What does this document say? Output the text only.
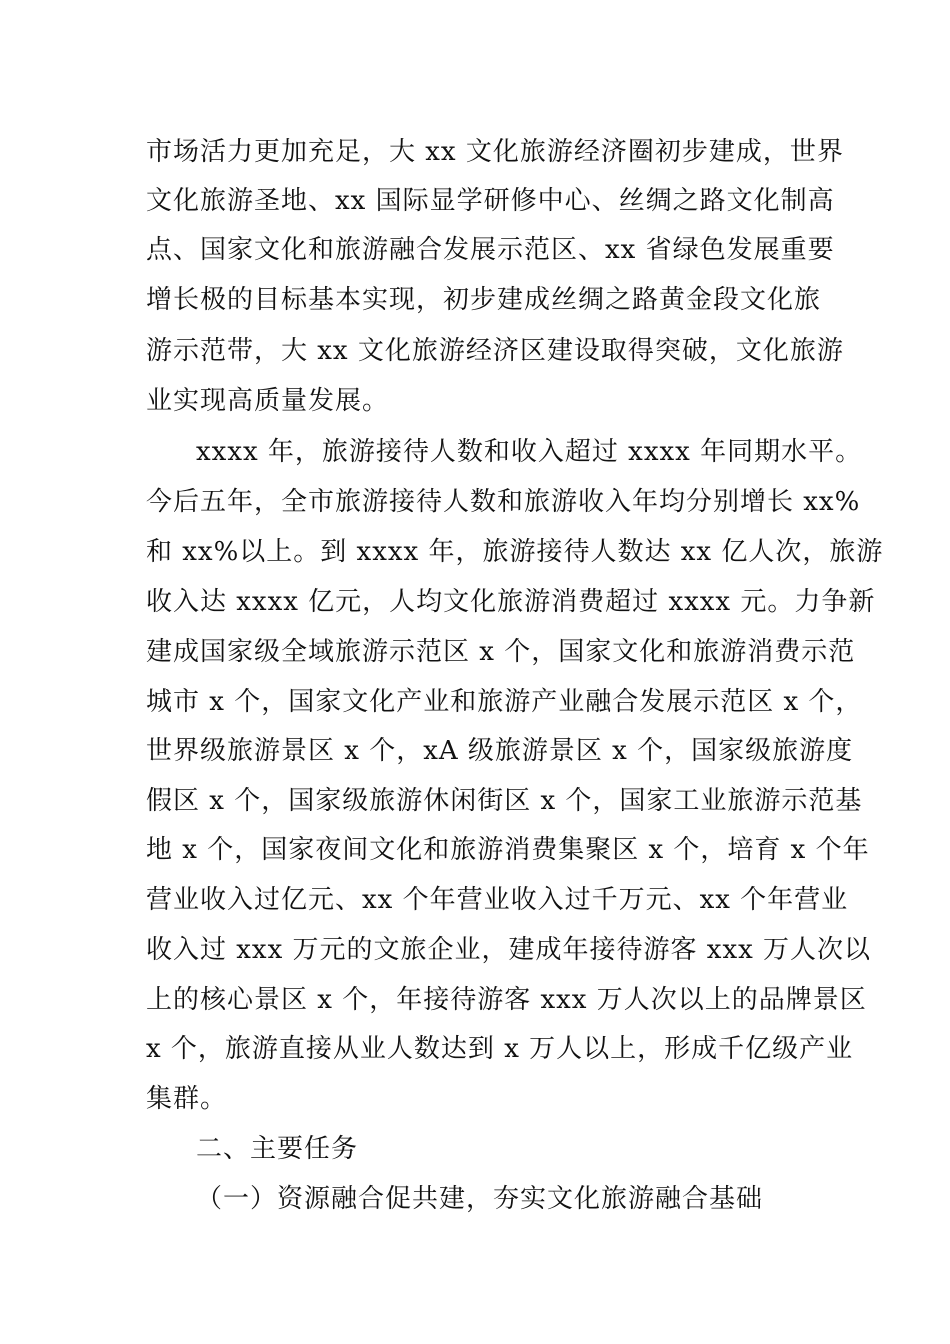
市场活力更加充足，大 xx 文化旅游经济圈初步建成，世界
文化旅游圣地、xx 国际显学研修中心、丝绸之路文化制高
点、国家文化和旅游融合发展示范区、xx 省绿色发展重要
增长极的目标基本实现，初步建成丝绸之路黄金段文化旅
游示范带，大 xx 文化旅游经济区建设取得突破，文化旅游
业实现高质量发展。
xxxx 年，旅游接待人数和收入超过 xxxx 年同期水平。
今后五年，全市旅游接待人数和旅游收入年均分别增长 xx%
和 xx%以上。到 xxxx 年，旅游接待人数达 xx 亿人次，旅游
收入达 xxxx 亿元，人均文化旅游消费超过 xxxx 元。力争新
建成国家级全域旅游示范区 x 个，国家文化和旅游消费示范
城市 x 个，国家文化产业和旅游产业融合发展示范区 x 个，
世界级旅游景区 x 个，xA 级旅游景区 x 个，国家级旅游度
假区 x 个，国家级旅游休闲街区 x 个，国家工业旅游示范基
地 x 个，国家夜间文化和旅游消费集聚区 x 个，培育 x 个年
营业收入过亿元、xx 个年营业收入过千万元、xx 个年营业
收入过 xxx 万元的文旅企业，建成年接待游客 xxx 万人次以
上的核心景区 x 个，年接待游客 xxx 万人次以上的品牌景区
x 个，旅游直接从业人数达到 x 万人以上，形成千亿级产业
集群。
二、主要任务
（一）资源融合促共建，夯实文化旅游融合基础
